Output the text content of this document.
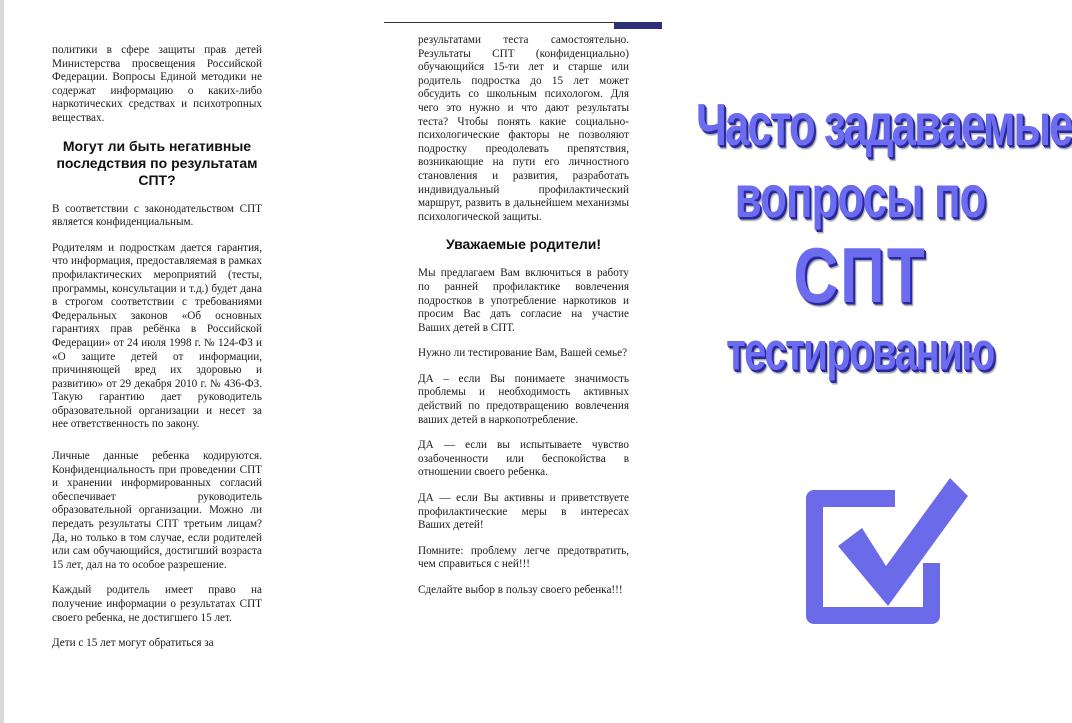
политики в сфере защиты прав детей Министерства просвещения Российской Федерации. Вопросы Единой методики не содержат информацию о каких-либо наркотических средствах и психотропных веществах.

Могут ли быть негативные последствия по результатам СПТ?

В соответствии с законодательством СПТ является конфиденциальным.

Родителям и подросткам дается гарантия, что информация, предоставляемая в рамках профилактических мероприятий (тесты, программы, консультации и т.д.) будет дана в строгом соответствии с требованиями Федеральных законов «Об основных гарантиях прав ребёнка в Российской Федерации» от 24 июля 1998 г. № 124-ФЗ и «О защите детей от информации, причиняющей вред их здоровью и развитию» от 29 декабря 2010 г. № 436-ФЗ. Такую гарантию дает руководитель образовательной организации и несет за нее ответственность по закону.

Личные данные ребенка кодируются. Конфиденциальность при проведении СПТ и хранении информированных согласий обеспечивает руководитель образовательной организации. Можно ли передать результаты СПТ третьим лицам? Да, но только в том случае, если родителей или сам обучающийся, достигший возраста 15 лет, дал на то особое разрешение.

Каждый родитель имеет право на получение информации о результатах СПТ своего ребенка, не достигшего 15 лет.

Дети с 15 лет могут обратиться за

результатами теста самостоятельно. Результаты СПТ (конфиденциально) обучающийся 15-ти лет и старше или родитель подростка до 15 лет может обсудить со школьным психологом. Для чего это нужно и что дают результаты теста? Чтобы понять какие социально-психологические факторы не позволяют подростку преодолевать препятствия, возникающие на пути его личностного становления и развития, разработать индивидуальный профилактический маршрут, развить в дальнейшем механизмы психологической защиты.

Уважаемые родители!

Мы предлагаем Вам включиться в работу по ранней профилактике вовлечения подростков в употребление наркотиков и просим Вас дать согласие на участие Ваших детей в СПТ.

Нужно ли тестирование Вам, Вашей семье?

ДА – если Вы понимаете значимость проблемы и необходимость активных действий по предотвращению вовлечения ваших детей в наркопотребление.

ДА — если вы испытываете чувство озабоченности или беспокойства в отношении своего ребенка.

ДА — если Вы активны и приветствуете профилактические меры в интересах Ваших детей!

Помните: проблему легче предотвратить, чем справиться с ней!!!

Сделайте выбор в пользу своего ребенка!!!

Часто задаваемые
вопросы по
СПТ
тестированию
